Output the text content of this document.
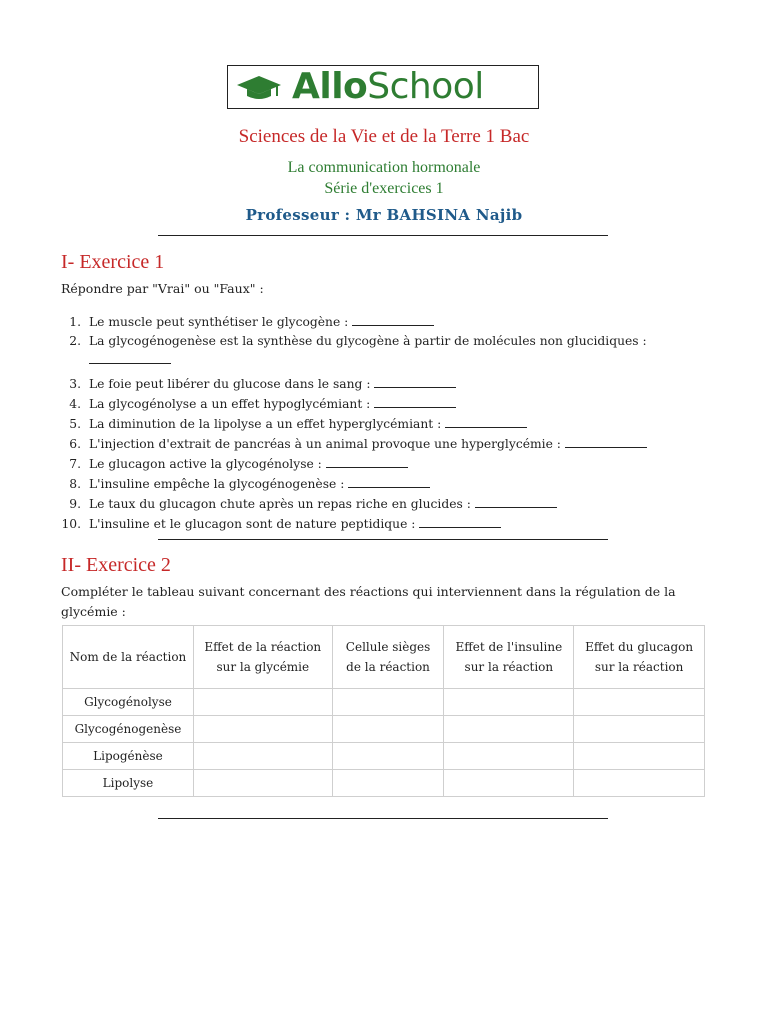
AlloSchool
Sciences de la Vie et de la Terre 1 Bac
La communication hormonale
Série d'exercices 1
Professeur : Mr BAHSINA Najib
I- Exercice 1
Répondre par "Vrai" ou "Faux" :
1. Le muscle peut synthétiser le glycogène :
2. La glycogénogenèse est la synthèse du glycogène à partir de molécules non glucidiques :

3. Le foie peut libérer du glucose dans le sang :
4. La glycogénolyse a un effet hypoglycémiant :
5. La diminution de la lipolyse a un effet hyperglycémiant :
6. L'injection d'extrait de pancréas à un animal provoque une hyperglycémie :
7. Le glucagon active la glycogénolyse :
8. L'insuline empêche la glycogénogenèse :
9. Le taux du glucagon chute après un repas riche en glucides :
10. L'insuline et le glucagon sont de nature peptidique :
II- Exercice 2
Compléter le tableau suivant concernant des réactions qui interviennent dans la régulation de la glycémie :
Nom de la réaction	Effet de la réaction sur la glycémie	Cellule sièges de la réaction	Effet de l'insuline sur la réaction	Effet du glucagon sur la réaction
Glycogénolyse				
Glycogénogenèse				
Lipogénèse				
Lipolyse				
